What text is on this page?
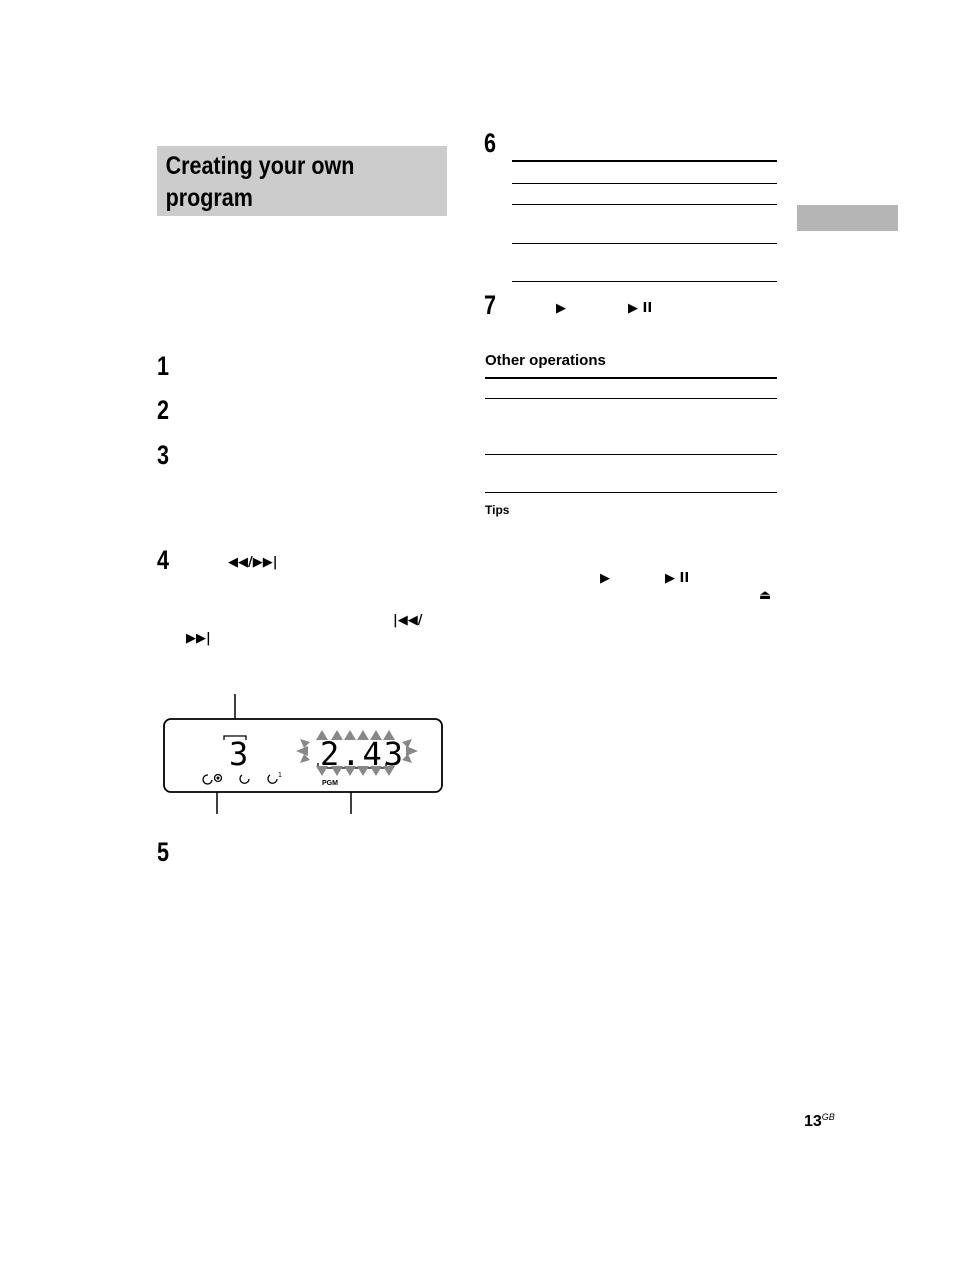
Creating your own
program
1
2
3
4
5
◀◀/▶▶|
|◀◀/
▶▶|
3 2.43
1
PGM
6
7	▶	▶ II
Other operations
Tips
▶	▶ II
⏏
$13^{GB}$
